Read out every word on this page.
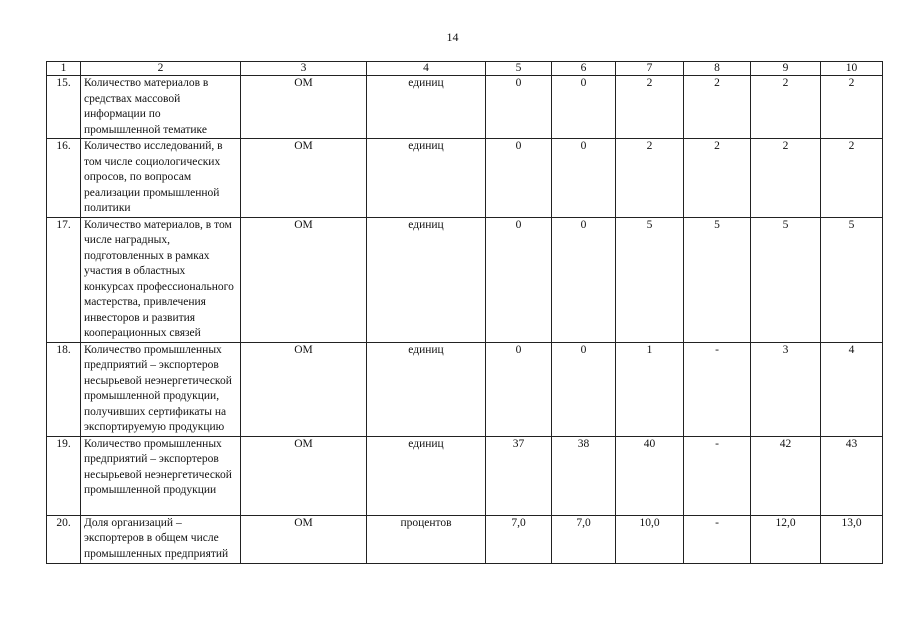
14
1	2	3	4	5	6	7	8	9	10	
15.	Количество материалов в средствах массовой информации по промышленной тематике	ОМ	единиц	0	0	2	2	2	2	
16.	Количество исследований, в том числе социологических опросов, по вопросам реализации промышленной политики	ОМ	единиц	0	0	2	2	2	2	
17.	Количество материалов, в том числе наградных, подготовленных в рамках участия в областных конкурсах профессионального мастерства, привлечения инвесторов и развития кооперационных связей	ОМ	единиц	0	0	5	5	5	5	
18.	Количество промышленных предприятий – экспортеров несырьевой неэнергетической промышленной продукции, получивших сертификаты на экспортируемую продукцию	ОМ	единиц	0	0	1	-	3	4	
19.	Количество промышленных предприятий – экспортеров несырьевой неэнергетической промышленной продукции	ОМ	единиц	37	38	40	-	42	43	
20.	Доля организаций –экспортеров в общем числе промышленных предприятий	ОМ	процентов	7,0	7,0	10,0	-	12,0	13,0	
